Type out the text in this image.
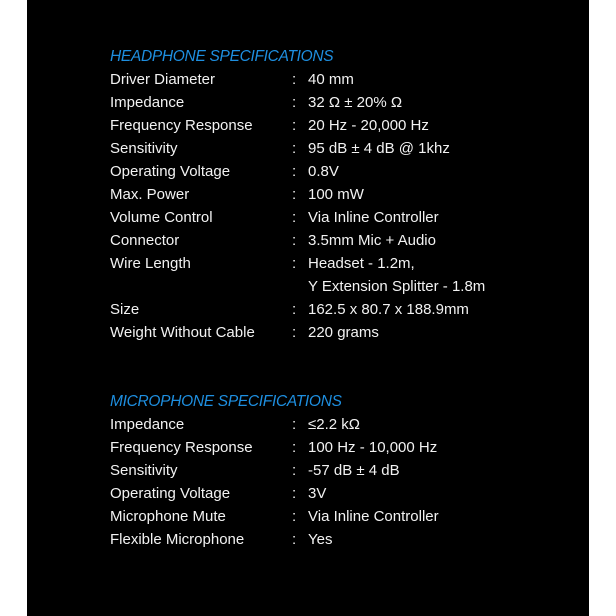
HEADPHONE SPECIFICATIONS
Driver Diameter	: 40 mm
Impedance	: 32 Ω ± 20% Ω
Frequency Response	: 20 Hz - 20,000 Hz
Sensitivity	: 95 dB ± 4 dB @ 1khz
Operating Voltage	: 0.8V
Max. Power	: 100 mW
Volume Control	: Via Inline Controller
Connector	: 3.5mm Mic + Audio
Wire Length	: Headset - 1.2m,
Y Extension Splitter - 1.8m
Size	: 162.5 x 80.7 x 188.9mm
Weight Without Cable : 220 grams
MICROPHONE SPECIFICATIONS
Impedance	: ≤2.2 kΩ
Frequency Response	: 100 Hz - 10,000 Hz
Sensitivity	: -57 dB ± 4 dB
Operating Voltage	: 3V
Microphone Mute	: Via Inline Controller
Flexible Microphone	: Yes
